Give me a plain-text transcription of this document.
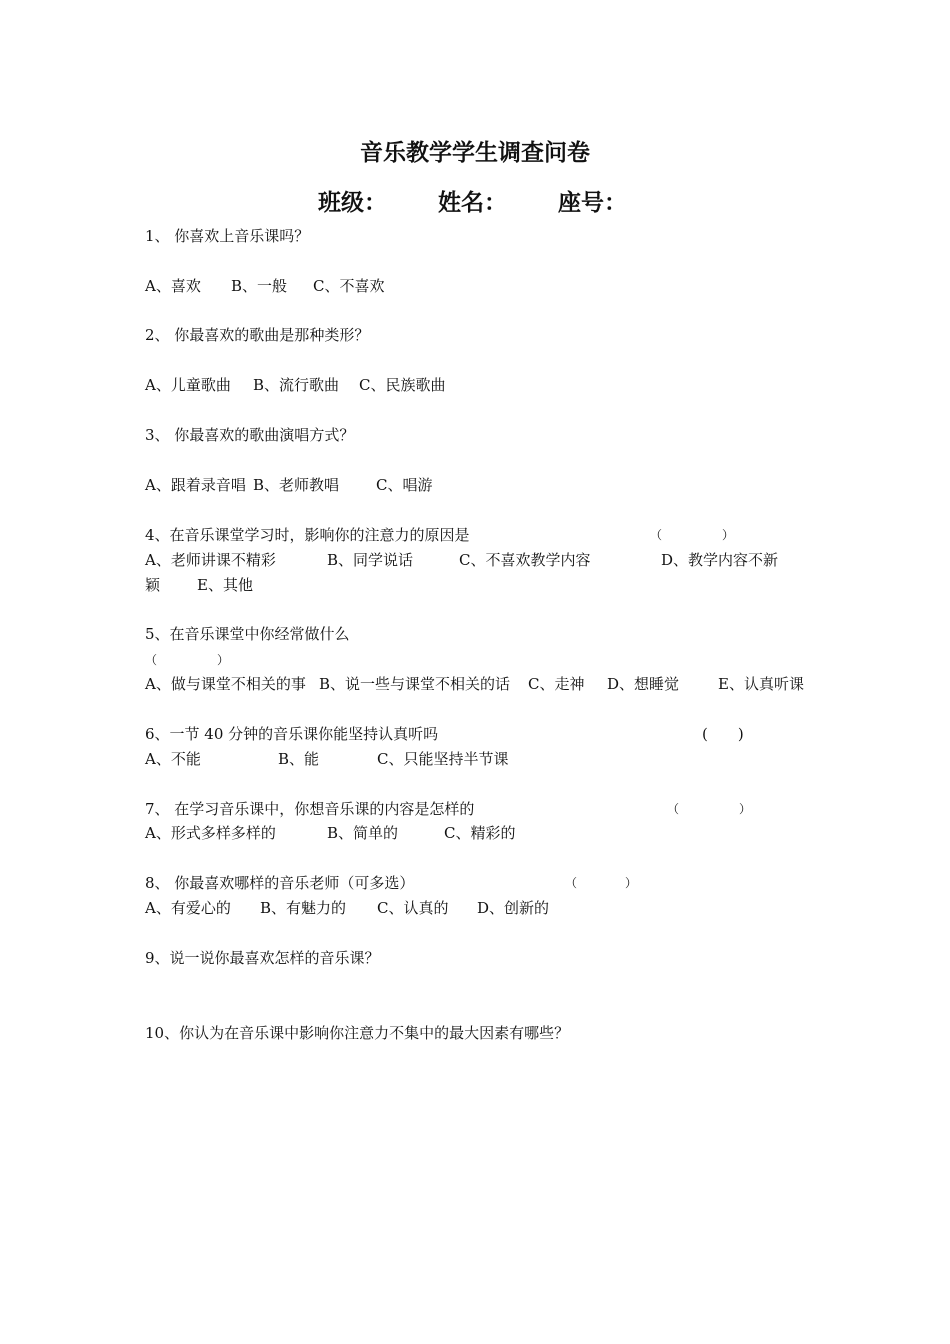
音乐教学学生调查问卷
班级： 姓名： 座号：
1、 你喜欢上音乐课吗？
A、喜欢 B、一般 C、不喜欢
2、 你最喜欢的歌曲是那种类形？
A、儿童歌曲 B、流行歌曲 C、民族歌曲
3、 你最喜欢的歌曲演唱方式？
A、跟着录音唱 B、老师教唱 C、唱游
4、在音乐课堂学习时，影响你的注意力的原因是	（　　　　　）
A、老师讲课不精彩	B、同学说话	C、不喜欢教学内容	D、教学内容不新
颖 E、其他
5、在音乐课堂中你经常做什么
（　　　　　）
A、做与课堂不相关的事 B、说一些与课堂不相关的话 C、走神 D、想睡觉	E、认真听课
6、一节 40 分钟的音乐课你能坚持认真听吗	(　　)
A、不能	B、能	C、只能坚持半节课
7、 在学习音乐课中，你想音乐课的内容是怎样的	（　　　　　）
A、形式多样多样的	B、简单的	C、精彩的
8、 你最喜欢哪样的音乐老师（可多选）	（　　　　）
A、有爱心的 B、有魅力的 C、认真的 D、创新的
9、说一说你最喜欢怎样的音乐课？
10、你认为在音乐课中影响你注意力不集中的最大因素有哪些？
